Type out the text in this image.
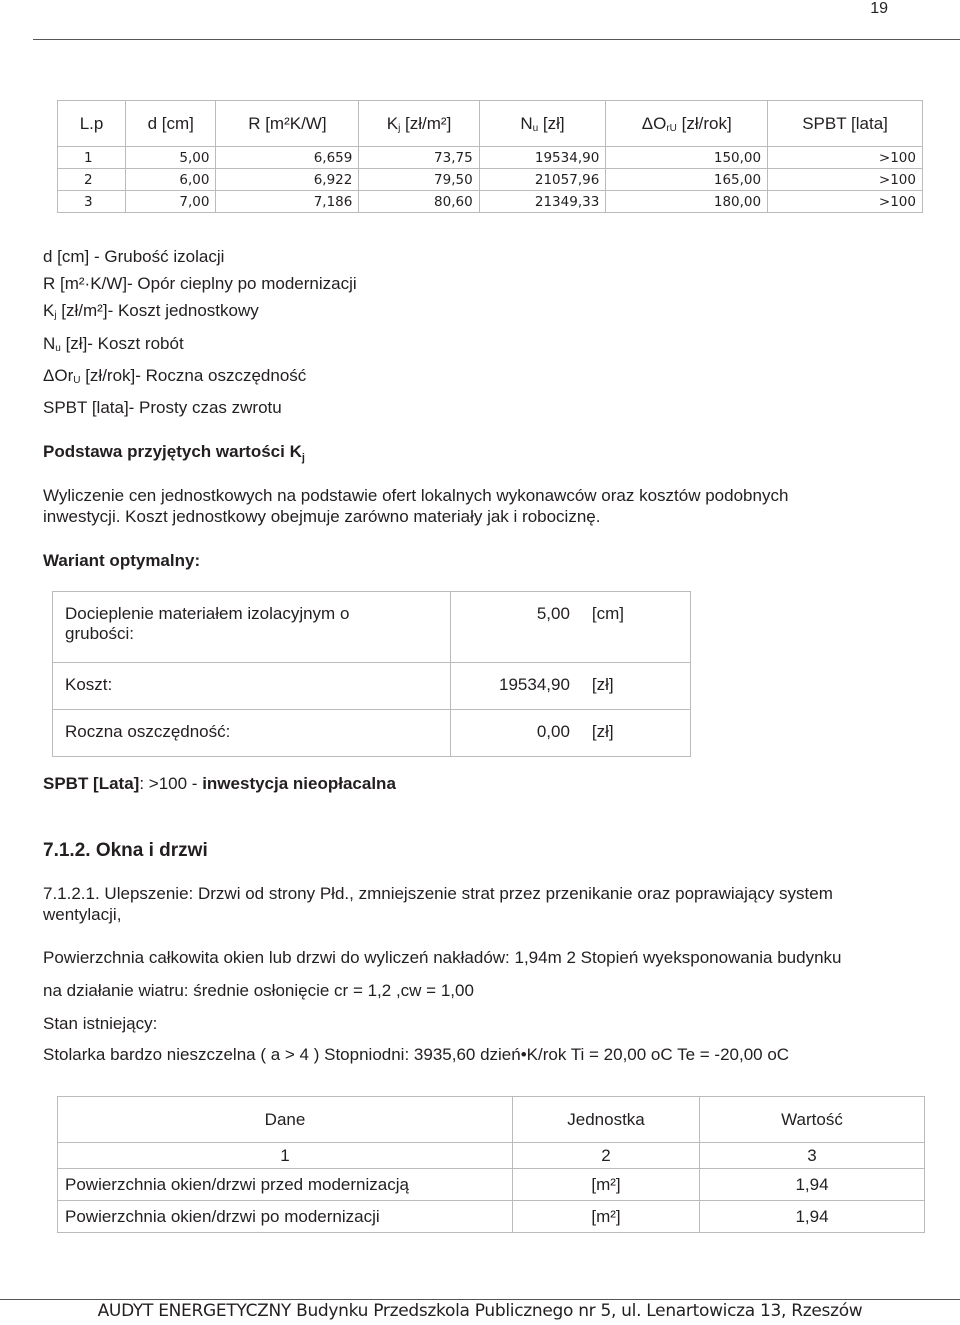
19
L.p	d [cm]	R [m²K/W]	$K_j$ [zł/m²]	$N_u$ [zł]	$\Delta O_{rU}$ [zł/rok]	SPBT [lata]
1	5,00	6,659	73,75	19534,90	150,00	>100
2	6,00	6,922	79,50	21057,96	165,00	>100
3	7,00	7,186	80,60	21349,33	180,00	>100
d [cm] - Grubość izolacji
R [m²·K/W]- Opór cieplny po modernizacji
$K_j$ [zł/m²]- Koszt jednostkowy
$N_u$ [zł]- Koszt robót
ΔOr$_U$ [zł/rok]- Roczna oszczędność
SPBT [lata]- Prosty czas zwrotu
Podstawa przyjętych wartości $K_j$
Wyliczenie cen jednostkowych na podstawie ofert lokalnych wykonawców oraz kosztów podobnych
inwestycji. Koszt jednostkowy obejmuje zarówno materiały jak i robociznę.
Wariant optymalny:
Docieplenie materiałem izolacyjnym o
grubości:	5,00 [cm]
Koszt:	19534,90 [zł]
Roczna oszczędność:	0,00 [zł]
SPBT [Lata]: >100 - inwestycja nieopłacalna
7.1.2. Okna i drzwi
7.1.2.1. Ulepszenie: Drzwi od strony Płd., zmniejszenie strat przez przenikanie oraz poprawiający system
wentylacji,
Powierzchnia całkowita okien lub drzwi do wyliczeń nakładów: 1,94m 2 Stopień wyeksponowania budynku
na działanie wiatru: średnie osłonięcie cr = 1,2 ,cw = 1,00
Stan istniejący:
Stolarka bardzo nieszczelna ( a > 4 ) Stopniodni: 3935,60 dzień•K/rok Ti = 20,00 oC Te = -20,00 oC
Dane	Jednostka	Wartość
1	2	3
Powierzchnia okien/drzwi przed modernizacją	[m²]	1,94
Powierzchnia okien/drzwi po modernizacji	[m²]	1,94
AUDYT ENERGETYCZNY Budynku Przedszkola Publicznego nr 5, ul. Lenartowicza 13, Rzeszów
